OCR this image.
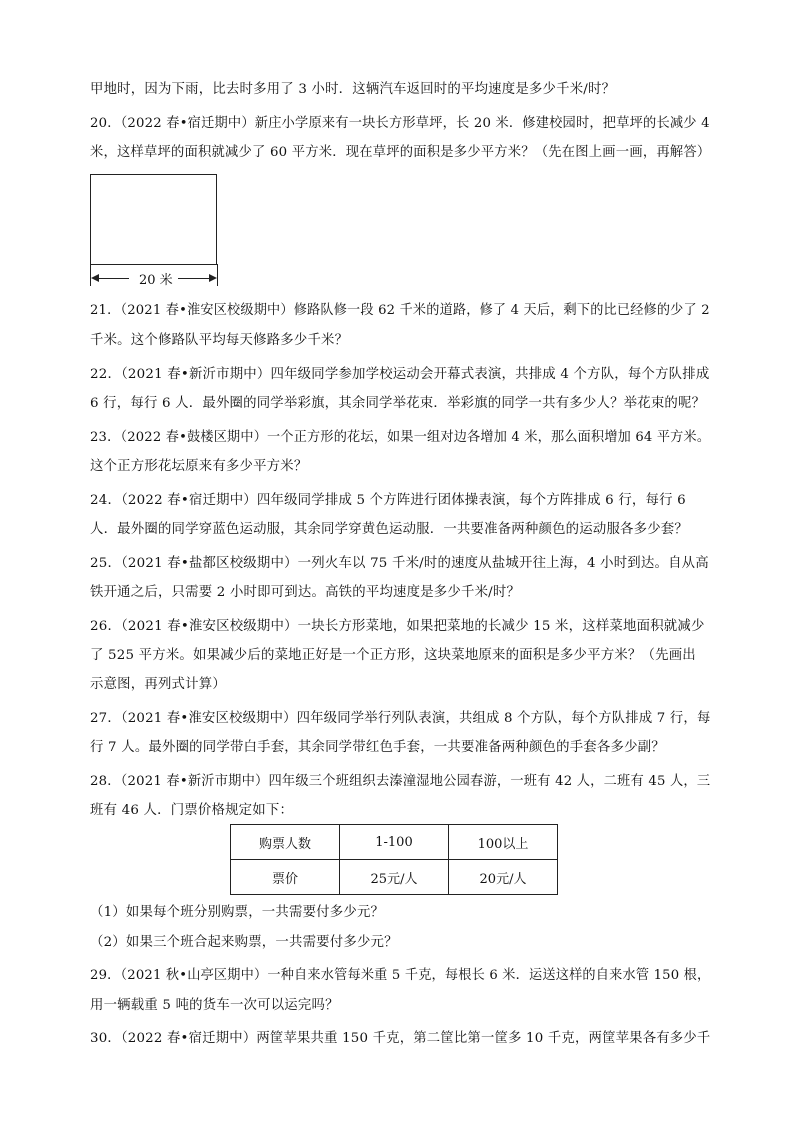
甲地时，因为下雨，比去时多用了 3 小时．这辆汽车返回时的平均速度是多少千米/时？
20．（2022 春•宿迁期中）新庄小学原来有一块长方形草坪，长 20 米．修建校园时，把草坪的长减少 4
米，这样草坪的面积就减少了 60 平方米．现在草坪的面积是多少平方米？（先在图上画一画，再解答）
20 米
21．（2021 春•淮安区校级期中）修路队修一段 62 千米的道路，修了 4 天后，剩下的比已经修的少了 2
千米。这个修路队平均每天修路多少千米？
22．（2021 春•新沂市期中）四年级同学参加学校运动会开幕式表演，共排成 4 个方队，每个方队排成
6 行，每行 6 人．最外圈的同学举彩旗，其余同学举花束．举彩旗的同学一共有多少人？举花束的呢？
23．（2022 春•鼓楼区期中）一个正方形的花坛，如果一组对边各增加 4 米，那么面积增加 64 平方米。
这个正方形花坛原来有多少平方米？
24．（2022 春•宿迁期中）四年级同学排成 5 个方阵进行团体操表演，每个方阵排成 6 行，每行 6
人．最外圈的同学穿蓝色运动服，其余同学穿黄色运动服．一共要准备两种颜色的运动服各多少套？
25．（2021 春•盐都区校级期中）一列火车以 75 千米/时的速度从盐城开往上海，4 小时到达。自从高
铁开通之后，只需要 2 小时即可到达。高铁的平均速度是多少千米/时？
26．（2021 春•淮安区校级期中）一块长方形菜地，如果把菜地的长减少 15 米，这样菜地面积就减少
了 525 平方米。如果减少后的菜地正好是一个正方形，这块菜地原来的面积是多少平方米？（先画出
示意图，再列式计算）
27．（2021 春•淮安区校级期中）四年级同学举行列队表演，共组成 8 个方队，每个方队排成 7 行，每
行 7 人。最外圈的同学带白手套，其余同学带红色手套，一共要准备两种颜色的手套各多少副？
28．（2021 春•新沂市期中）四年级三个班组织去溱潼湿地公园春游，一班有 42 人，二班有 45 人，三
班有 46 人．门票价格规定如下：
购票人数	1-100	100以上
票价	25元/人	20元/人
（1）如果每个班分别购票，一共需要付多少元？
（2）如果三个班合起来购票，一共需要付多少元？
29．（2021 秋•山亭区期中）一种自来水管每米重 5 千克，每根长 6 米．运送这样的自来水管 150 根，
用一辆载重 5 吨的货车一次可以运完吗？
30．（2022 春•宿迁期中）两筐苹果共重 150 千克，第二筐比第一筐多 10 千克，两筐苹果各有多少千
